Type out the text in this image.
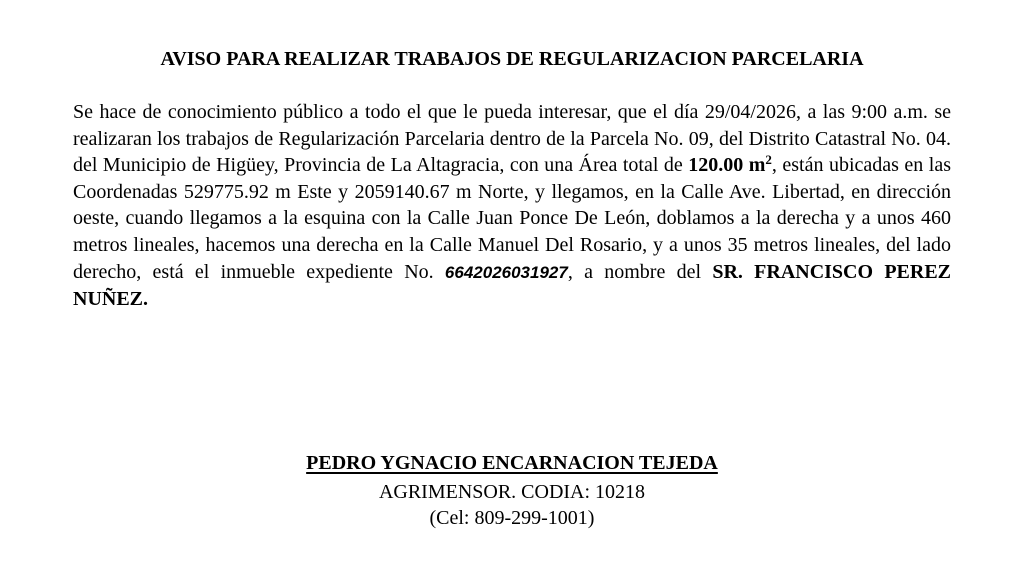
AVISO PARA REALIZAR TRABAJOS DE REGULARIZACION PARCELARIA
Se hace de conocimiento público a todo el que le pueda interesar, que el día 29/04/2026, a las 9:00 a.m. se realizaran los trabajos de Regularización Parcelaria dentro de la Parcela No. 09, del Distrito Catastral No. 04. del Municipio de Higüey, Provincia de La Altagracia, con una Área total de 120.00 $m^2$, están ubicadas en las Coordenadas 529775.92 m Este y 2059140.67 m Norte, y llegamos, en la Calle Ave. Libertad, en dirección oeste, cuando llegamos a la esquina con la Calle Juan Ponce De León, doblamos a la derecha y a unos 460 metros lineales, hacemos una derecha en la Calle Manuel Del Rosario, y a unos 35 metros lineales, del lado derecho, está el inmueble expediente No. 6642026031927, a nombre del SR. FRANCISCO PEREZ NUÑEZ.
PEDRO YGNACIO ENCARNACION TEJEDA
AGRIMENSOR. CODIA: 10218
(Cel: 809-299-1001)
